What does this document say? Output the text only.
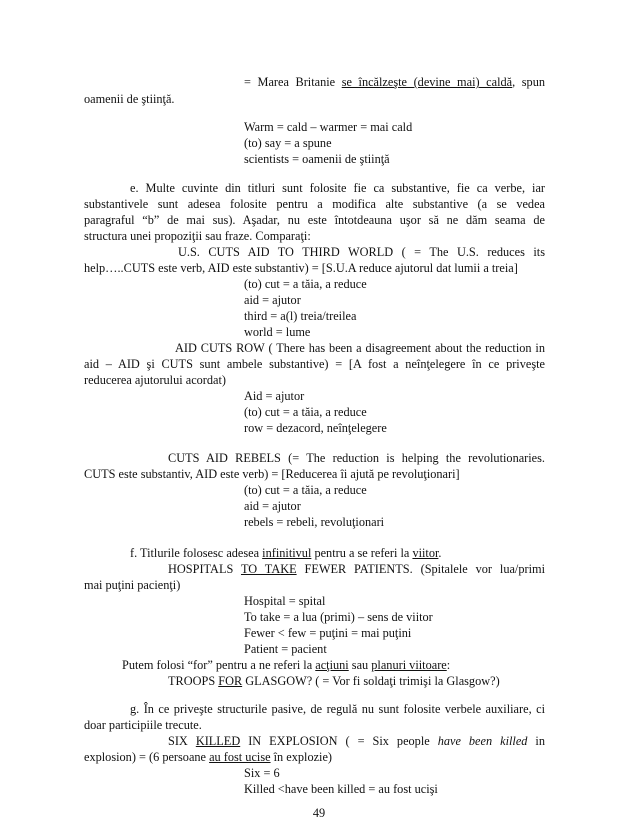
= Marea Britanie se încălzeşte (devine mai) caldă, spun
oamenii de ştiinţă.
Warm = cald – warmer = mai cald
(to) say = a spune
scientists = oamenii de ştiinţă
e. Multe cuvinte din titluri sunt folosite fie ca substantive, fie ca verbe, iar
substantivele sunt adesea folosite pentru a modifica alte substantive (a se vedea
paragraful “b” de mai sus). Aşadar, nu este întotdeauna uşor să ne dăm seama de
structura unei propoziţii sau fraze. Comparaţi:
U.S. CUTS AID TO THIRD WORLD ( = The U.S. reduces its
help…..CUTS este verb, AID este substantiv) = [S.U.A reduce ajutorul dat lumii a treia]
(to) cut = a tăia, a reduce
aid = ajutor
third = a(l) treia/treilea
world = lume
AID CUTS ROW ( There has been a disagreement about the reduction in
aid – AID şi CUTS sunt ambele substantive) = [A fost a neînţelegere în ce priveşte
reducerea ajutorului acordat)
Aid = ajutor
(to) cut = a tăia, a reduce
row = dezacord, neînţelegere
CUTS AID REBELS (= The reduction is helping the revolutionaries.
CUTS este substantiv, AID este verb) = [Reducerea îi ajută pe revoluţionari]
(to) cut = a tăia, a reduce
aid = ajutor
rebels = rebeli, revoluţionari
f. Titlurile folosesc adesea infinitivul pentru a se referi la viitor.
HOSPITALS TO TAKE FEWER PATIENTS. (Spitalele vor lua/primi
mai puţini pacienţi)
Hospital = spital
To take = a lua (primi) – sens de viitor
Fewer < few = puţini = mai puţini
Patient = pacient
Putem folosi “for” pentru a ne referi la acţiuni sau planuri viitoare:
TROOPS FOR GLASGOW? ( = Vor fi soldaţi trimişi la Glasgow?)
g. În ce priveşte structurile pasive, de regulă nu sunt folosite verbele auxiliare, ci
doar participiile trecute.
SIX KILLED IN EXPLOSION ( = Six people have been killed in
explosion) = (6 persoane au fost ucise în explozie)
Six = 6
Killed <have been killed = au fost ucişi
49
